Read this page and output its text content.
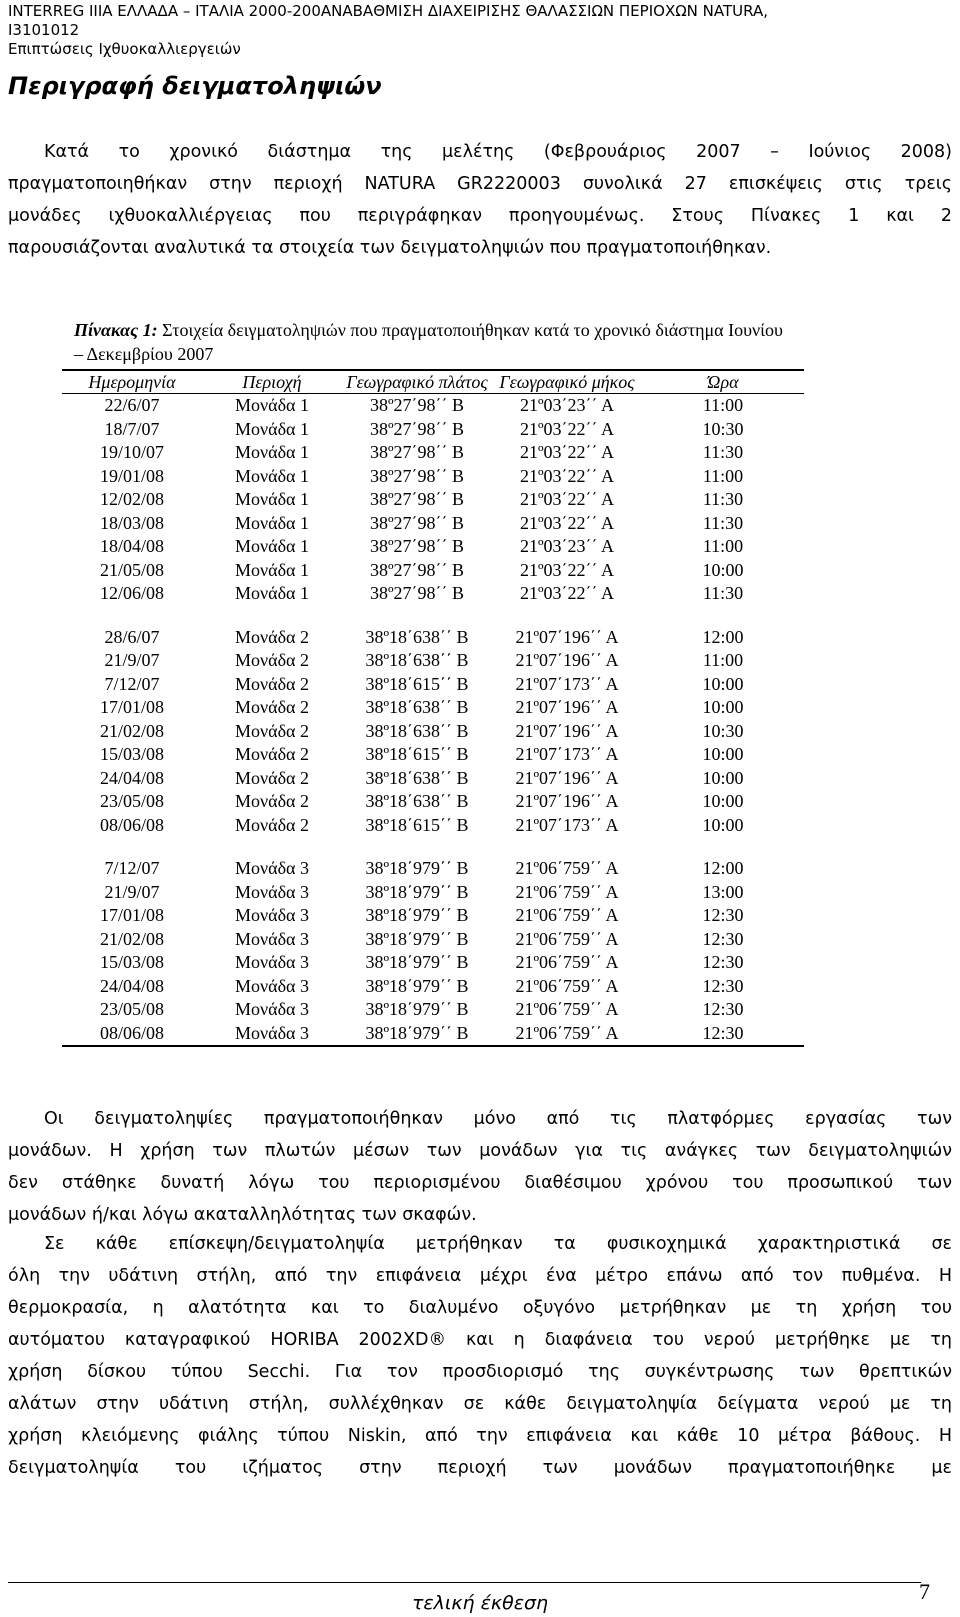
INTERREG IIIA ΕΛΛΑΔΑ – ΙΤΑΛΙΑ 2000-200ΑΝΑΒΑΘΜΙΣΗ ΔΙΑΧΕΙΡΙΣΗΣ ΘΑΛΑΣΣΙΩΝ ΠΕΡΙΟΧΩΝ NATURA,
I3101012
Επιπτώσεις Ιχθυοκαλλιεργειών
Περιγραφή δειγματοληψιών
Κατά το χρονικό διάστημα της μελέτης (Φεβρουάριος 2007 – Ιούνιος 2008)
πραγματοποιηθήκαν στην περιοχή NATURA GR2220003 συνολικά 27 επισκέψεις στις τρεις
μονάδες ιχθυοκαλλιέργειας που περιγράφηκαν προηγουμένως. Στους Πίνακες 1 και 2
παρουσιάζονται αναλυτικά τα στοιχεία των δειγματοληψιών που πραγματοποιήθηκαν.
Πίνακας 1: Στοιχεία δειγματοληψιών που πραγματοποιήθηκαν κατά το χρονικό διάστημα Ιουνίου – Δεκεμβρίου 2007
Ημερομηνία	Περιοχή	Γεωγραφικό πλάτος	Γεωγραφικό μήκος	Ώρα
22/6/07	Μονάδα 1	38º27΄98΄΄ Β	21º03΄23΄΄ Α	11:00
18/7/07	Μονάδα 1	38º27΄98΄΄ Β	21º03΄22΄΄ Α	10:30
19/10/07	Μονάδα 1	38º27΄98΄΄ Β	21º03΄22΄΄ Α	11:30
19/01/08	Μονάδα 1	38º27΄98΄΄ Β	21º03΄22΄΄ Α	11:00
12/02/08	Μονάδα 1	38º27΄98΄΄ Β	21º03΄22΄΄ Α	11:30
18/03/08	Μονάδα 1	38º27΄98΄΄ Β	21º03΄22΄΄ Α	11:30
18/04/08	Μονάδα 1	38º27΄98΄΄ Β	21º03΄23΄΄ Α	11:00
21/05/08	Μονάδα 1	38º27΄98΄΄ Β	21º03΄22΄΄ Α	10:00
12/06/08	Μονάδα 1	38º27΄98΄΄ Β	21º03΄22΄΄ Α	11:30

28/6/07	Μονάδα 2	38º18΄638΄΄ Β	21º07΄196΄΄ Α	12:00
21/9/07	Μονάδα 2	38º18΄638΄΄ Β	21º07΄196΄΄ Α	11:00
7/12/07	Μονάδα 2	38º18΄615΄΄ Β	21º07΄173΄΄ Α	10:00
17/01/08	Μονάδα 2	38º18΄638΄΄ Β	21º07΄196΄΄ Α	10:00
21/02/08	Μονάδα 2	38º18΄638΄΄ Β	21º07΄196΄΄ Α	10:30
15/03/08	Μονάδα 2	38º18΄615΄΄ Β	21º07΄173΄΄ Α	10:00
24/04/08	Μονάδα 2	38º18΄638΄΄ Β	21º07΄196΄΄ Α	10:00
23/05/08	Μονάδα 2	38º18΄638΄΄ Β	21º07΄196΄΄ Α	10:00
08/06/08	Μονάδα 2	38º18΄615΄΄ Β	21º07΄173΄΄ Α	10:00

7/12/07	Μονάδα 3	38º18΄979΄΄ Β	21º06΄759΄΄ Α	12:00
21/9/07	Μονάδα 3	38º18΄979΄΄ Β	21º06΄759΄΄ Α	13:00
17/01/08	Μονάδα 3	38º18΄979΄΄ Β	21º06΄759΄΄ Α	12:30
21/02/08	Μονάδα 3	38º18΄979΄΄ Β	21º06΄759΄΄ Α	12:30
15/03/08	Μονάδα 3	38º18΄979΄΄ Β	21º06΄759΄΄ Α	12:30
24/04/08	Μονάδα 3	38º18΄979΄΄ Β	21º06΄759΄΄ Α	12:30
23/05/08	Μονάδα 3	38º18΄979΄΄ Β	21º06΄759΄΄ Α	12:30
08/06/08	Μονάδα 3	38º18΄979΄΄ Β	21º06΄759΄΄ Α	12:30
Οι δειγματοληψίες πραγματοποιήθηκαν μόνο από τις πλατφόρμες εργασίας των
μονάδων. Η χρήση των πλωτών μέσων των μονάδων για τις ανάγκες των δειγματοληψιών
δεν στάθηκε δυνατή λόγω του περιορισμένου διαθέσιμου χρόνου του προσωπικού των
μονάδων ή/και λόγω ακαταλληλότητας των σκαφών.
Σε κάθε επίσκεψη/δειγματοληψία μετρήθηκαν τα φυσικοχημικά χαρακτηριστικά σε
όλη την υδάτινη στήλη, από την επιφάνεια μέχρι ένα μέτρο επάνω από τον πυθμένα. Η
θερμοκρασία, η αλατότητα και το διαλυμένο οξυγόνο μετρήθηκαν με τη χρήση του
αυτόματου καταγραφικού HORIBA 2002XD® και η διαφάνεια του νερού μετρήθηκε με τη
χρήση δίσκου τύπου Secchi. Για τον προσδιορισμό της συγκέντρωσης των θρεπτικών
αλάτων στην υδάτινη στήλη, συλλέχθηκαν σε κάθε δειγματοληψία δείγματα νερού με τη
χρήση κλειόμενης φιάλης τύπου Niskin, από την επιφάνεια και κάθε 10 μέτρα βάθους. Η
δειγματοληψία του ιζήματος στην περιοχή των μονάδων πραγματοποιήθηκε με
τελική έκθεση	7
